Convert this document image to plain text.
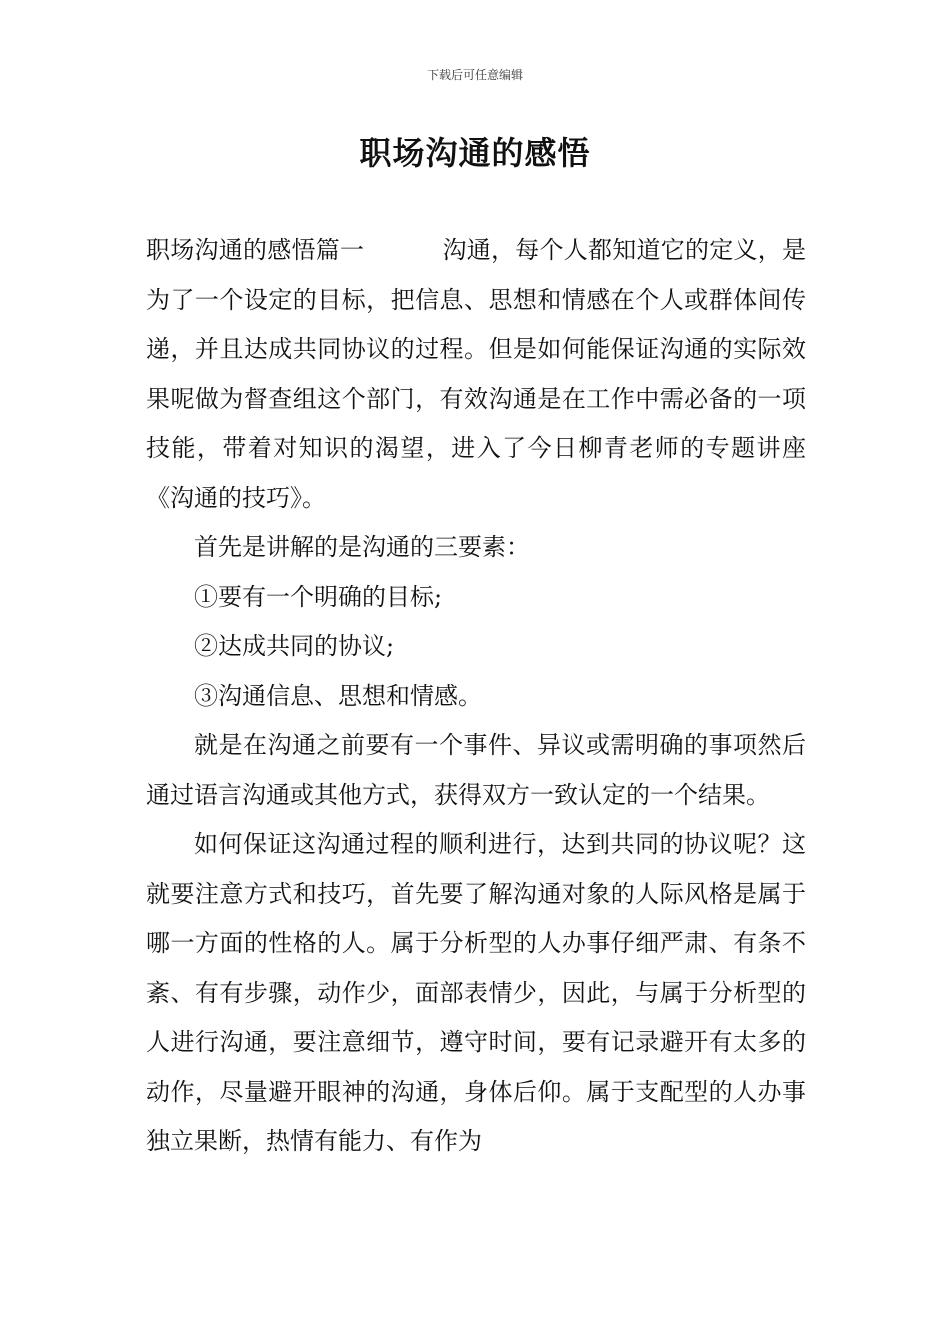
下载后可任意编辑
职场沟通的感悟

职场沟通的感悟篇一	沟通，每个人都知道它的定义，是为了一个设定的目标，把信息、思想和情感在个人或群体间传递，并且达成共同协议的过程。但是如何能保证沟通的实际效果呢做为督查组这个部门，有效沟通是在工作中需必备的一项技能，带着对知识的渴望，进入了今日柳青老师的专题讲座《沟通的技巧》。

首先是讲解的是沟通的三要素：

①要有一个明确的目标;

②达成共同的协议;

③沟通信息、思想和情感。

就是在沟通之前要有一个事件、异议或需明确的事项然后通过语言沟通或其他方式，获得双方一致认定的一个结果。

如何保证这沟通过程的顺利进行，达到共同的协议呢？这就要注意方式和技巧，首先要了解沟通对象的人际风格是属于哪一方面的性格的人。属于分析型的人办事仔细严肃、有条不紊、有有步骤，动作少，面部表情少，因此，与属于分析型的人进行沟通，要注意细节，遵守时间，要有记录避开有太多的动作，尽量避开眼神的沟通，身体后仰。属于支配型的人办事独立果断，热情有能力、有作为
